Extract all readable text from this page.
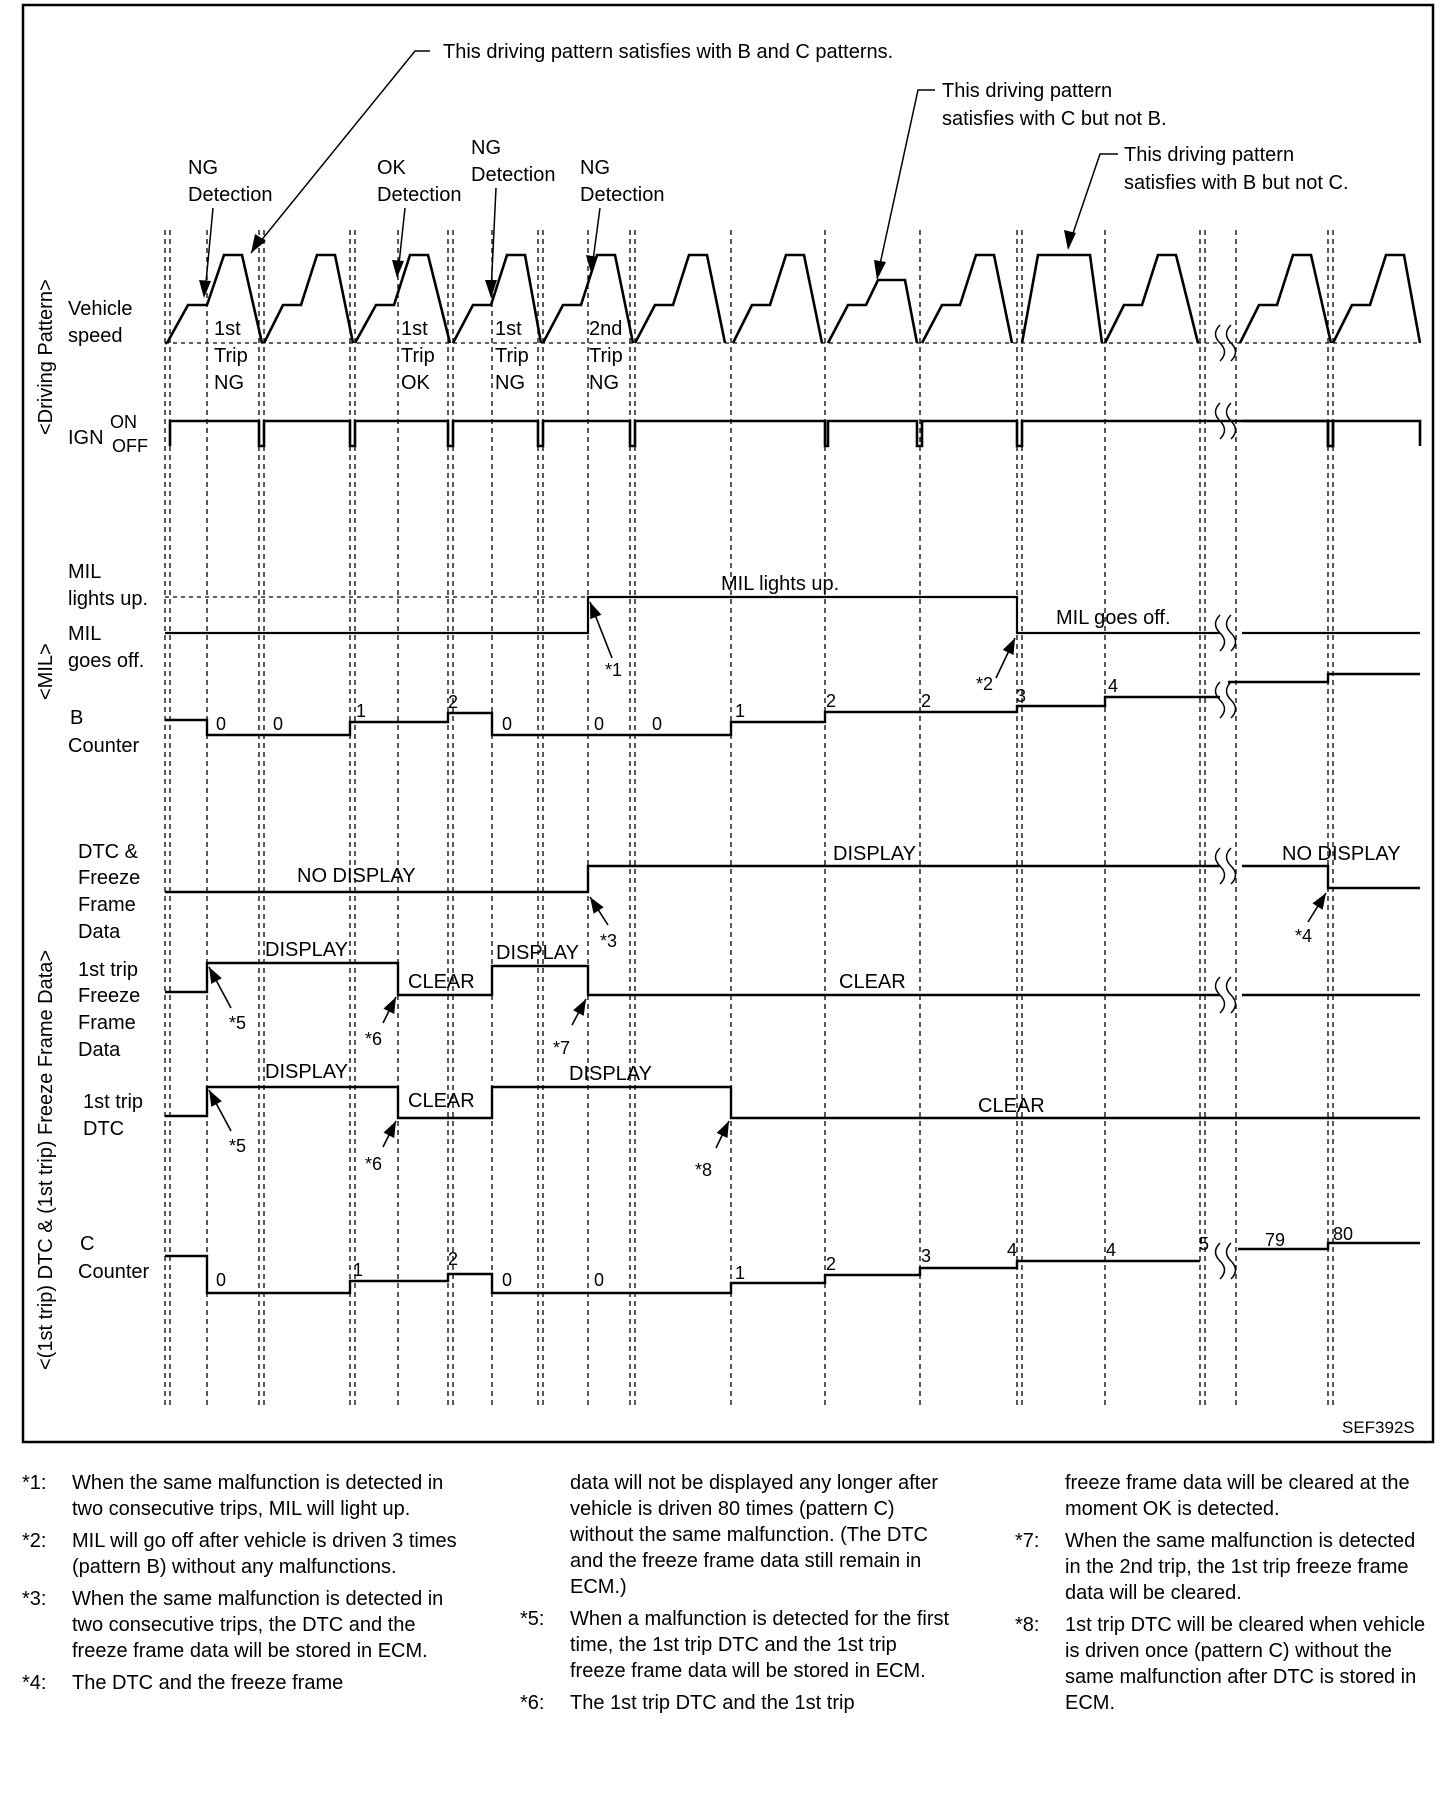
This driving pattern satisfies with B and C patterns.
This driving pattern
satisfies with C but not B.
This driving pattern
satisfies with B but not C.
NG
Detection
OK
Detection
NG
Detection NG
Detection
<Driving Pattern>
<MIL>
<(1st trip) DTC & (1st trip) Freeze Frame Data>
Vehicle
speed
IGN
ON
OFF
MIL
lights up.
MIL
goes off.
B
Counter
DTC &
Freeze
Frame
Data
1st trip
Freeze
Frame
Data
1st trip
DTC
C
Counter
1st
Trip
NG
1st
Trip
OK
1st
Trip
NG
2nd
Trip
NG
MIL lights up.
MIL goes off.
0	0
1	2
0	0	0
1	2	2	3	4
NO DISPLAY
DISPLAY	NO DISPLAY
DISPLAY
CLEAR
DISPLAY
CLEAR
DISPLAY
CLEAR
DISPLAY
CLEAR
0	1
2
0	0	1	2	3	4	4	5	79	80
*1
*2
*3	*4
*5
*6	*7
*5
*6	*8
SEF392S
*1:	When the same malfunction is detected in two consecutive trips, MIL will light up.
*2:	MIL will go off after vehicle is driven 3 times (pattern B) without any malfunctions.
*3:	When the same malfunction is detected in two consecutive trips, the DTC and the freeze frame data will be stored in ECM.
*4:	The DTC and the freeze frame
data will not be displayed any longer after vehicle is driven 80 times (pattern C) without the same malfunction. (The DTC and the freeze frame data still remain in ECM.)
*5:	When a malfunction is detected for the first time, the 1st trip DTC and the 1st trip freeze frame data will be stored in ECM.
*6:	The 1st trip DTC and the 1st trip
freeze frame data will be cleared at the moment OK is detected.
*7:	When the same malfunction is detected in the 2nd trip, the 1st trip freeze frame data will be cleared.
*8:	1st trip DTC will be cleared when vehicle is driven once (pattern C) without the same malfunction after DTC is stored in ECM.
